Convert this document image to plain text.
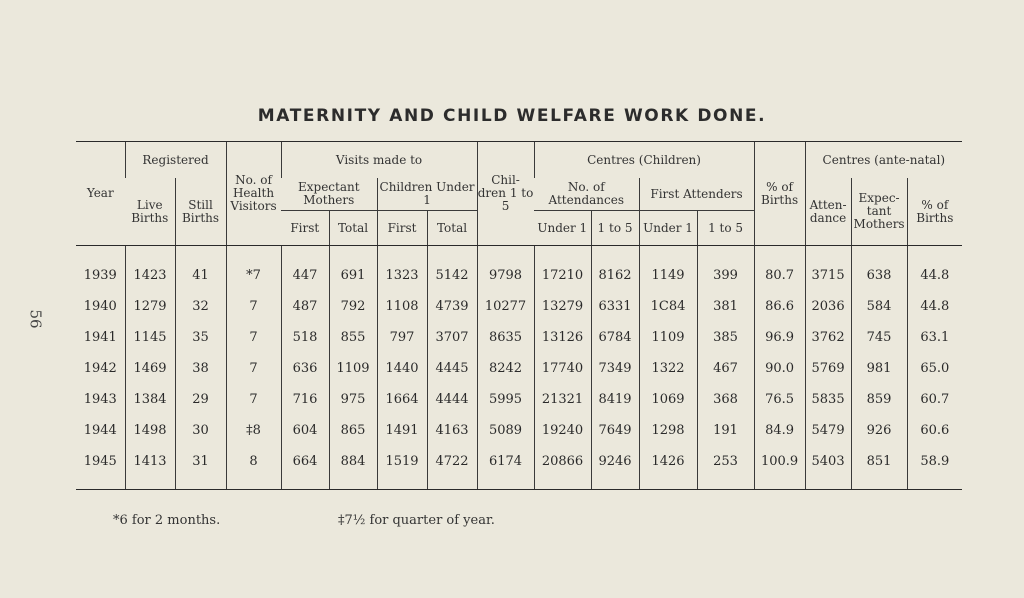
56
MATERNITY AND CHILD WELFARE WORK DONE.
Year	Registered		No. of Health Visitors	Visits made to				Chil- dren 1 to 5	Centres (Children)				% of Births	Centres (ante-natal)		
	Live Births	Still Births		Expectant Mothers		Children Under 1			No. of Attendances		First Attenders			Atten- dance	Expec- tant Mothers	% of Births
				First	Total	First	Total		Under 1	1 to 5	Under 1	1 to 5				

1939	1423	41	*7	447	691	1323	5142	9798	17210	8162	1149	399	80.7	3715	638	44.8
1940	1279	32	7	487	792	1108	4739	10277	13279	6331	1C84	381	86.6	2036	584	44.8
1941	1145	35	7	518	855	797	3707	8635	13126	6784	1109	385	96.9	3762	745	63.1
1942	1469	38	7	636	1109	1440	4445	8242	17740	7349	1322	467	90.0	5769	981	65.0
1943	1384	29	7	716	975	1664	4444	5995	21321	8419	1069	368	76.5	5835	859	60.7
1944	1498	30	‡8	604	865	1491	4163	5089	19240	7649	1298	191	84.9	5479	926	60.6
1945	1413	31	8	664	884	1519	4722	6174	20866	9246	1426	253	100.9	5403	851	58.9

*6 for 2 months.	‡7½ for quarter of year.
